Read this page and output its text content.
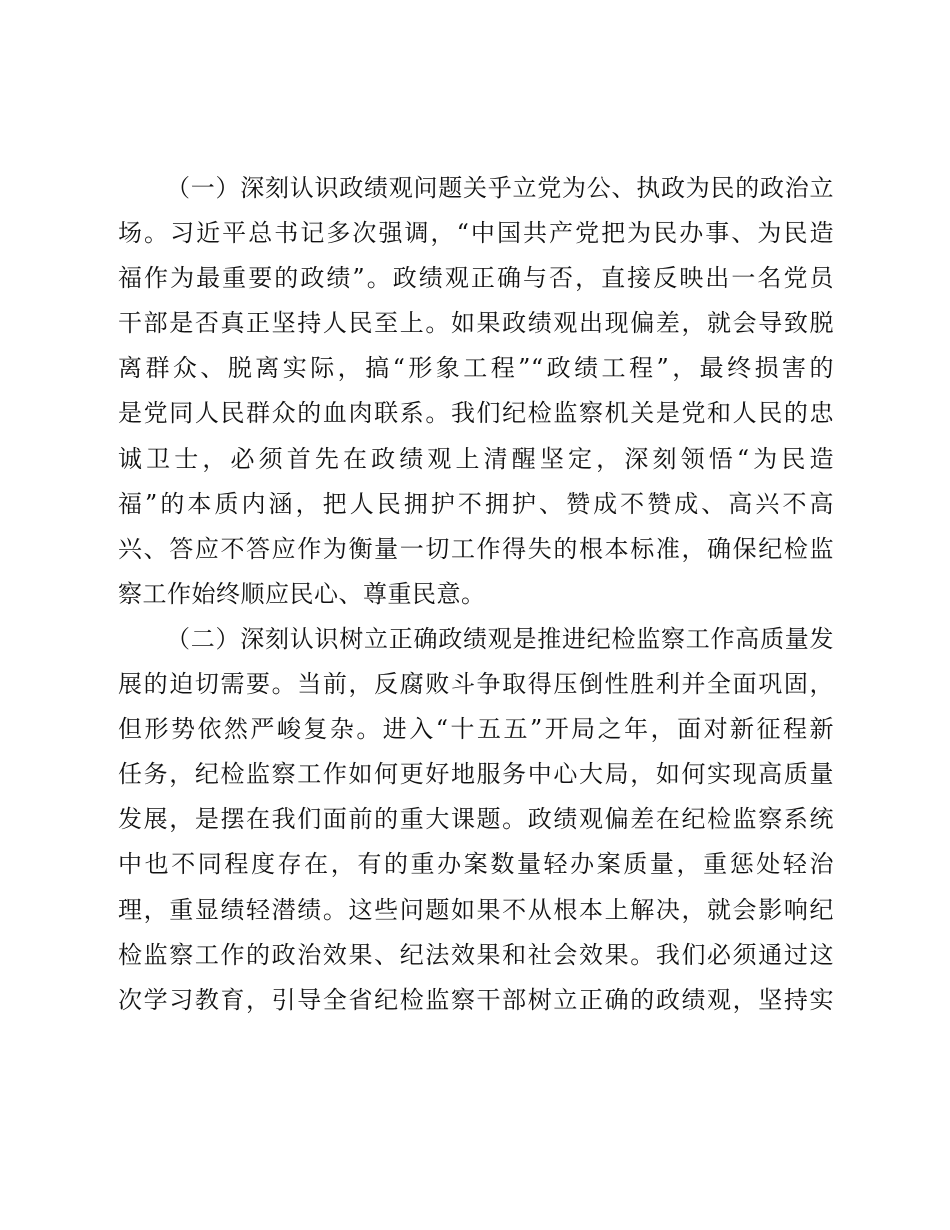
（一）深刻认识政绩观问题关乎立党为公、执政为民的政治立
场。习近平总书记多次强调，“中国共产党把为民办事、为民造
福作为最重要的政绩”。政绩观正确与否，直接反映出一名党员
干部是否真正坚持人民至上。如果政绩观出现偏差，就会导致脱
离群众、脱离实际，搞“形象工程”“政绩工程”，最终损害的
是党同人民群众的血肉联系。我们纪检监察机关是党和人民的忠
诚卫士，必须首先在政绩观上清醒坚定，深刻领悟“为民造
福”的本质内涵，把人民拥护不拥护、赞成不赞成、高兴不高
兴、答应不答应作为衡量一切工作得失的根本标准，确保纪检监
察工作始终顺应民心、尊重民意。
（二）深刻认识树立正确政绩观是推进纪检监察工作高质量发
展的迫切需要。当前，反腐败斗争取得压倒性胜利并全面巩固，
但形势依然严峻复杂。进入“十五五”开局之年，面对新征程新
任务，纪检监察工作如何更好地服务中心大局，如何实现高质量
发展，是摆在我们面前的重大课题。政绩观偏差在纪检监察系统
中也不同程度存在，有的重办案数量轻办案质量，重惩处轻治
理，重显绩轻潜绩。这些问题如果不从根本上解决，就会影响纪
检监察工作的政治效果、纪法效果和社会效果。我们必须通过这
次学习教育，引导全省纪检监察干部树立正确的政绩观，坚持实
